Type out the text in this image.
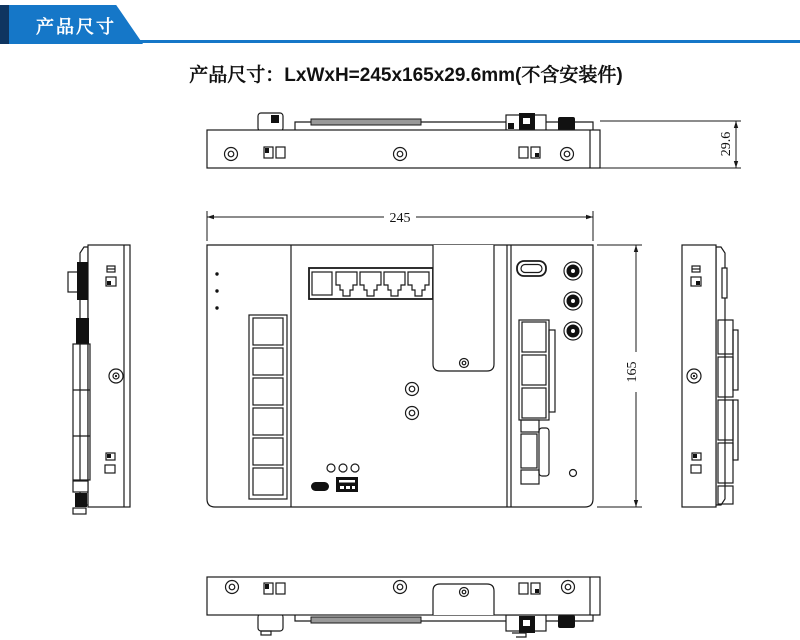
产品尺寸
产品尺寸：LxWxH=245x165x29.6mm(不含安装件)
29.6
245
165
